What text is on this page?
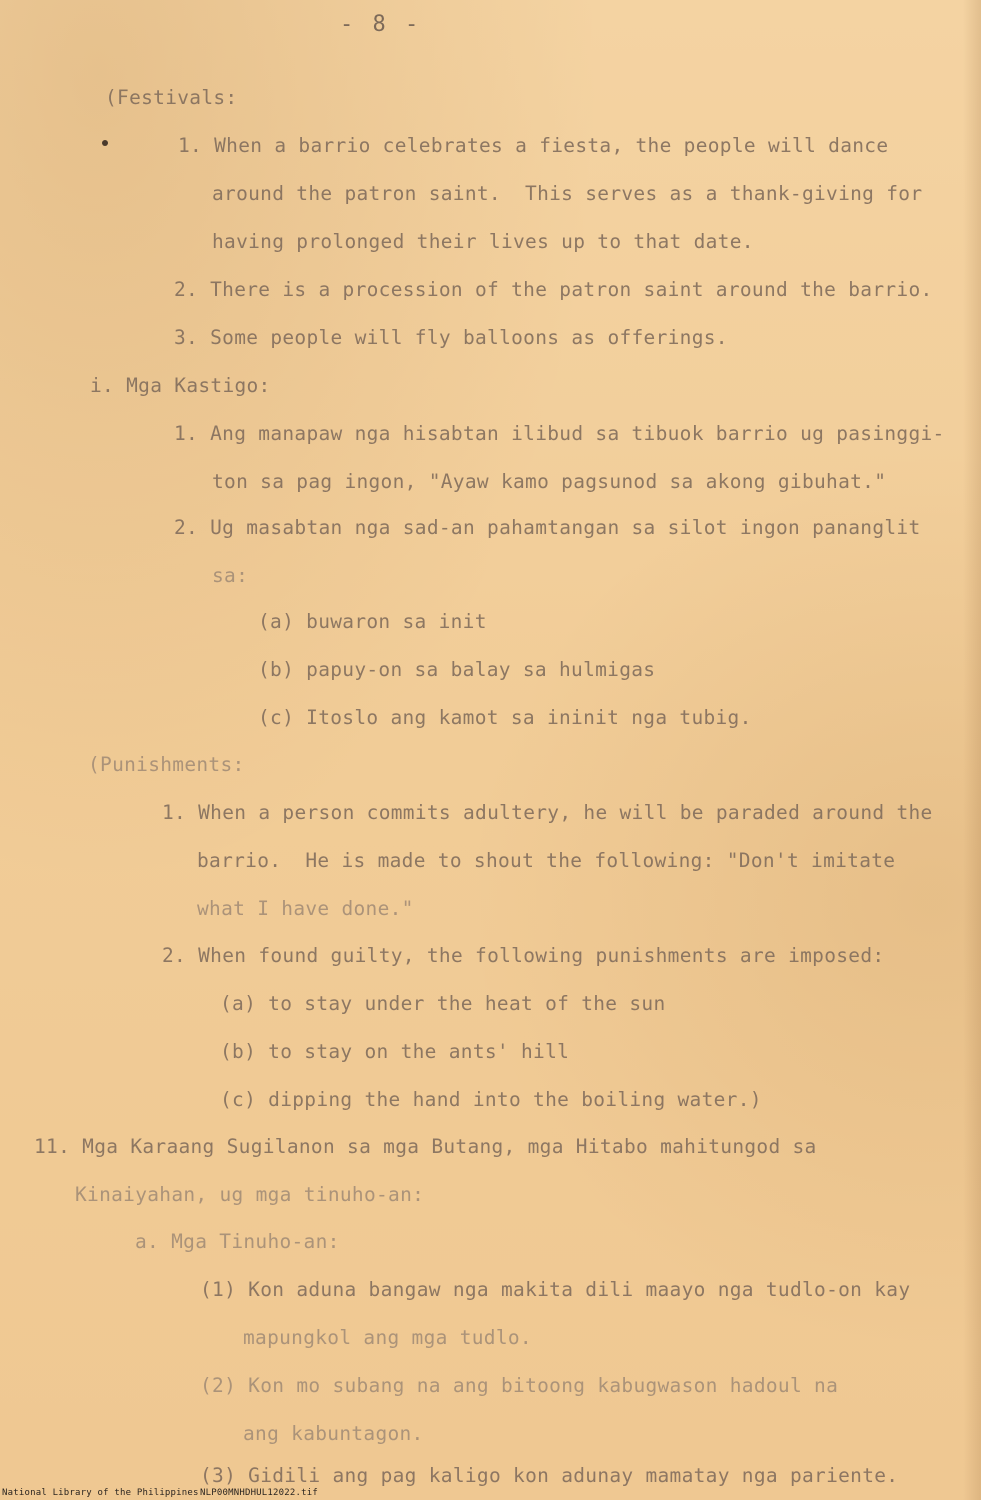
- 8 -
(Festivals:
1. When a barrio celebrates a fiesta, the people will dance
around the patron saint.  This serves as a thank-giving for
having prolonged their lives up to that date.
2. There is a procession of the patron saint around the barrio.
3. Some people will fly balloons as offerings.
i. Mga Kastigo:
1. Ang manapaw nga hisabtan ilibud sa tibuok barrio ug pasinggi-
ton sa pag ingon, "Ayaw kamo pagsunod sa akong gibuhat."
2. Ug masabtan nga sad-an pahamtangan sa silot ingon pananglit
sa:
(a) buwaron sa init
(b) papuy-on sa balay sa hulmigas
(c) Itoslo ang kamot sa ininit nga tubig.
(Punishments:
1. When a person commits adultery, he will be paraded around the
barrio.  He is made to shout the following: "Don't imitate
what I have done."
2. When found guilty, the following punishments are imposed:
(a) to stay under the heat of the sun
(b) to stay on the ants' hill
(c) dipping the hand into the boiling water.)
11. Mga Karaang Sugilanon sa mga Butang, mga Hitabo mahitungod sa
Kinaiyahan, ug mga tinuho-an:
a. Mga Tinuho-an:
(1) Kon aduna bangaw nga makita dili maayo nga tudlo-on kay
mapungkol ang mga tudlo.
(2) Kon mo subang na ang bitoong kabugwason hadoul na
ang kabuntagon.
(3) Gidili ang pag kaligo kon adunay mamatay nga pariente.
National Library of the Philippines NLP00MNHDHUL12022.tif
